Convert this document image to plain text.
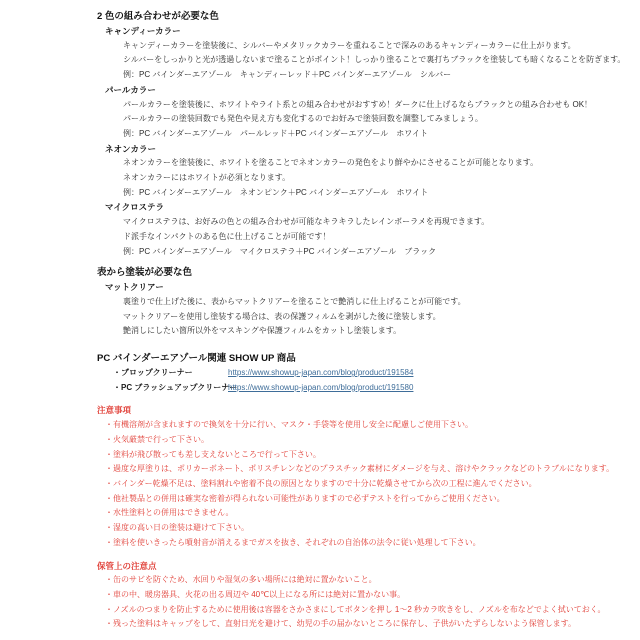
2 色の組み合わせが必要な色
キャンディーカラー
キャンディーカラーを塗装後に、シルバーやメタリックカラーを重ねることで深みのあるキャンディーカラーに仕上がります。
シルバーをしっかりと光が透過しないまで塗ることがポイント！しっかり塗ることで裏打ちブラックを塗装しても暗くなることを防ぎます。
例：PC バインダーエアゾール　キャンディーレッド＋PC バインダーエアゾール　シルバー
パールカラー
パールカラーを塗装後に、ホワイトやライト系との組み合わせがおすすめ！ダークに仕上げるならブラックとの組み合わせも OK！
パールカラーの塗装回数でも発色や見え方も変化するのでお好みで塗装回数を調整してみましょう。
例：PC バインダーエアゾール　パールレッド＋PC バインダーエアゾール　ホワイト
ネオンカラー
ネオンカラーを塗装後に、ホワイトを塗ることでネオンカラーの発色をより鮮やかにさせることが可能となります。
ネオンカラーにはホワイトが必須となります。
例：PC バインダーエアゾール　ネオンピンク＋PC バインダーエアゾール　ホワイト
マイクロステラ
マイクロステラは、お好みの色との組み合わせが可能なキラキラしたレインボーラメを再現できます。
ド派手なインパクトのある色に仕上げることが可能です！
例：PC バインダーエアゾール　マイクロステラ＋PC バインダーエアゾール　ブラック
表から塗装が必要な色
マットクリアー
裏塗りで仕上げた後に、表からマットクリアーを塗ることで艶消しに仕上げることが可能です。
マットクリアーを使用し塗装する場合は、表の保護フィルムを剥がした後に塗装します。
艶消しにしたい箇所以外をマスキングや保護フィルムをカットし塗装します。
PC バインダーエアゾール関連 SHOW UP 商品
・ブロップクリーナー	https://www.showup-japan.com/blog/product/191584
・PC ブラッシュアップクリーナー
https://www.showup-japan.com/blog/product/191580
注意事項
・有機溶剤が含まれますので換気を十分に行い、マスク・手袋等を使用し安全に配慮しご使用下さい。
・火気厳禁で行って下さい。
・塗料が飛び散っても差し支えないところで行って下さい。
・過度な厚塗りは、ポリカーボネート、ポリスチレンなどのプラスチック素材にダメージを与え、溶けやクラックなどのトラブルになります。
・バインダー乾燥不足は、塗料割れや密着不良の原因となりますので十分に乾燥させてから次の工程に進んでください。
・他社製品との併用は確実な密着が得られない可能性がありますので必ずテストを行ってからご使用ください。
・水性塗料との併用はできません。
・湿度の高い日の塗装は避けて下さい。
・塗料を使いきったら噴射音が消えるまでガスを抜き、それぞれの自治体の法令に従い処理して下さい。
保管上の注意点
・缶のサビを防ぐため、水回りや湿気の多い場所には絶対に置かないこと。
・車の中、暖房器具、火花の出る周辺や 40℃以上になる所には絶対に置かない事。
・ノズルのつまりを防止するために使用後は容器をさかさまにしてボタンを押し 1～2 秒カラ吹きをし、ノズルを布などでよく拭いておく。
・残った塗料はキャップをして、直射日光を避けて、幼児の手の届かないところに保存し、子供がいたずらしないよう保管します。
